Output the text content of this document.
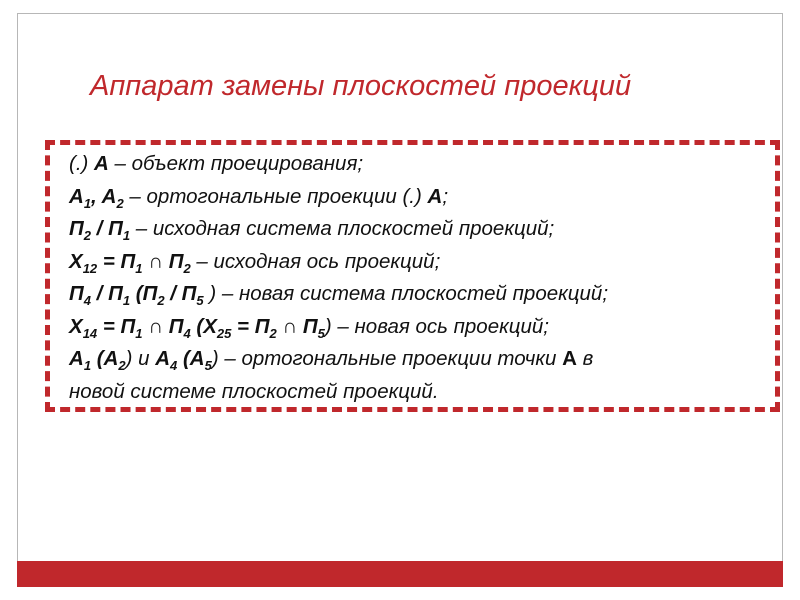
Аппарат замены плоскостей проекций
(.) A – объект проецирования;
$A_1$, $A_2$ – ортогональные проекции (.) A;
$П_2 / П_1$ – исходная система плоскостей проекций;
$X_{12} = П_1$ ∩ $П_2$ – исходная ось проекций;
$П_4 / П_1$ ($П_2 / П_5$ ) – новая система плоскостей проекций;
$X_{14} = П_1$ ∩ $П_4$ ($X_{25} = П_2$ ∩ $П_5$) – новая ось проекций;
$A_1$ $(A_2)$ и $A_4$ $(A_5)$ – ортогональные проекции точки A в
новой системе плоскостей проекций.
